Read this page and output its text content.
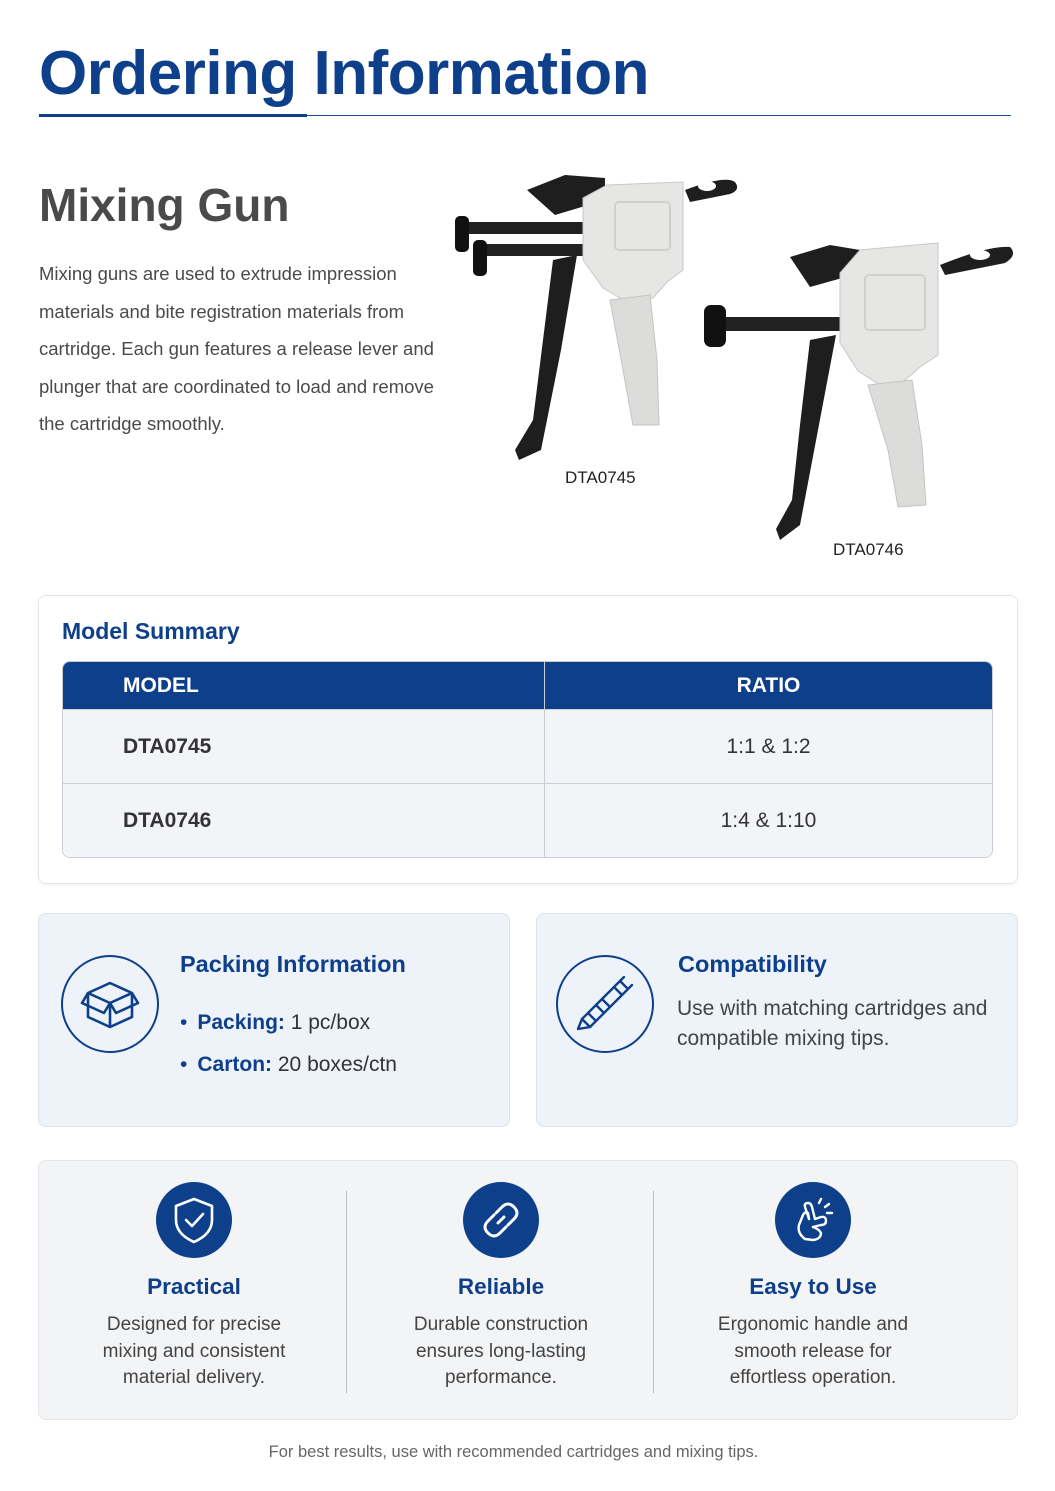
Ordering Information
Mixing Gun

Mixing guns are used to extrude impression materials and bite registration materials from cartridge. Each gun features a release lever and plunger that are coordinated to load and remove the cartridge smoothly.

DTA0745
DTA0746
Model Summary
MODEL	RATIO
DTA0745	1:1 & 1:2
DTA0746	1:4 & 1:10
Packing Information
• Packing: 1 pc/box
• Carton: 20 boxes/ctn
Compatibility

Use with matching cartridges and compatible mixing tips.

Practical

Designed for precise mixing and consistent material delivery.

Reliable

Durable construction ensures long-lasting performance.

Easy to Use

Ergonomic handle and smooth release for effortless operation.

For best results, use with recommended cartridges and mixing tips.
